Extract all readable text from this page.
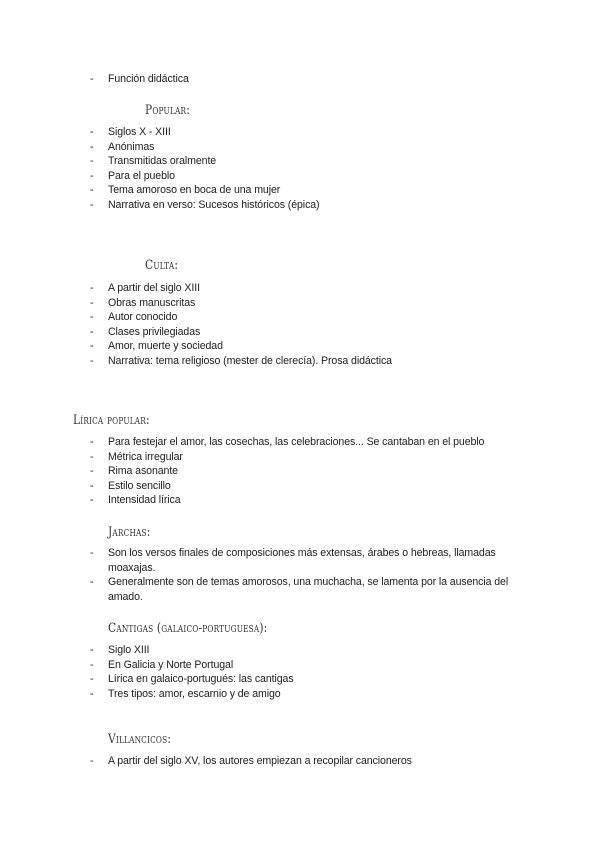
- Función didáctica
Popular:
- Siglos X - XIII
- Anónimas
- Transmitidas oralmente
- Para el pueblo
- Tema amoroso en boca de una mujer
- Narrativa en verso: Sucesos históricos (épica)
Culta:
- A partir del siglo XIII
- Obras manuscritas
- Autor conocido
- Clases privilegiadas
- Amor, muerte y sociedad
- Narrativa: tema religioso (mester de clerecía). Prosa didáctica
Lírica popular:
- Para festejar el amor, las cosechas, las celebraciones... Se cantaban en el pueblo
- Métrica irregular
- Rima asonante
- Estilo sencillo
- Intensidad lírica
Jarchas:
- Son los versos finales de composiciones más extensas, árabes o hebreas, llamadas moaxajas.
- Generalmente son de temas amorosos, una muchacha, se lamenta por la ausencia del amado.
Cantigas (galaico-portuguesa):
- Siglo XIII
- En Galicia y Norte Portugal
- Lírica en galaico-portugués: las cantigas
- Tres tipos: amor, escarnio y de amigo
Villancicos:
- A partir del siglo XV, los autores empiezan a recopilar cancioneros
